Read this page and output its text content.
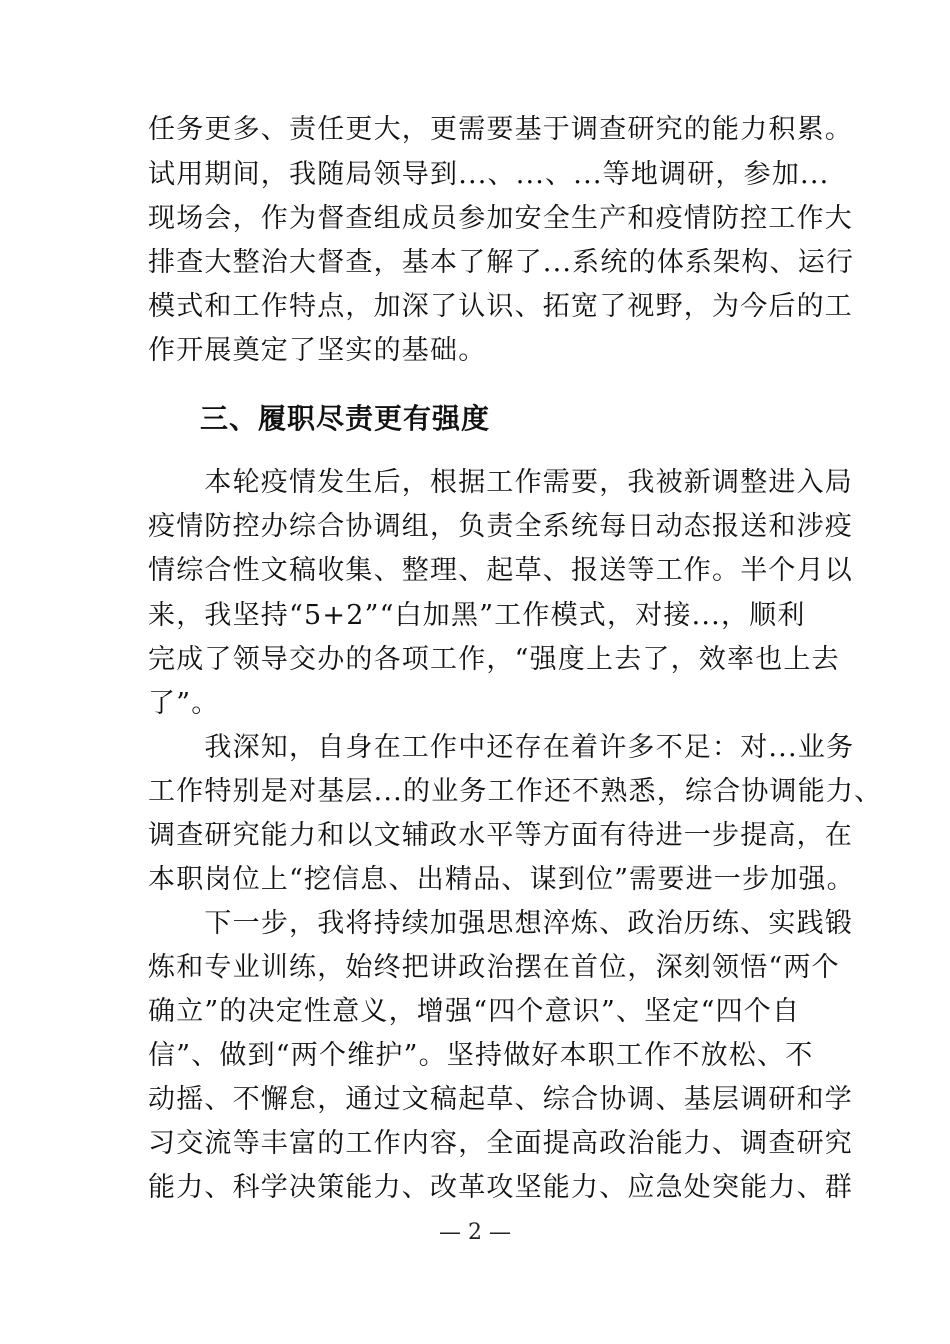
任务更多、责任更大，更需要基于调查研究的能力积累。
试用期间，我随局领导到...、...、...等地调研，参加...
现场会，作为督查组成员参加安全生产和疫情防控工作大
排查大整治大督查，基本了解了...系统的体系架构、运行
模式和工作特点，加深了认识、拓宽了视野，为今后的工
作开展奠定了坚实的基础。
三、履职尽责更有强度
　　本轮疫情发生后，根据工作需要，我被新调整进入局
疫情防控办综合协调组，负责全系统每日动态报送和涉疫
情综合性文稿收集、整理、起草、报送等工作。半个月以
来，我坚持“5+2”“白加黑”工作模式，对接...，顺利
完成了领导交办的各项工作，“强度上去了，效率也上去
了”。
　　我深知，自身在工作中还存在着许多不足：对...业务
工作特别是对基层...的业务工作还不熟悉，综合协调能力、
调查研究能力和以文辅政水平等方面有待进一步提高，在
本职岗位上“挖信息、出精品、谋到位”需要进一步加强。
　　下一步，我将持续加强思想淬炼、政治历练、实践锻
炼和专业训练，始终把讲政治摆在首位，深刻领悟“两个
确立”的决定性意义，增强“四个意识”、坚定“四个自
信”、做到“两个维护”。坚持做好本职工作不放松、不
动摇、不懈怠，通过文稿起草、综合协调、基层调研和学
习交流等丰富的工作内容，全面提高政治能力、调查研究
能力、科学决策能力、改革攻坚能力、应急处突能力、群
— 2 —
